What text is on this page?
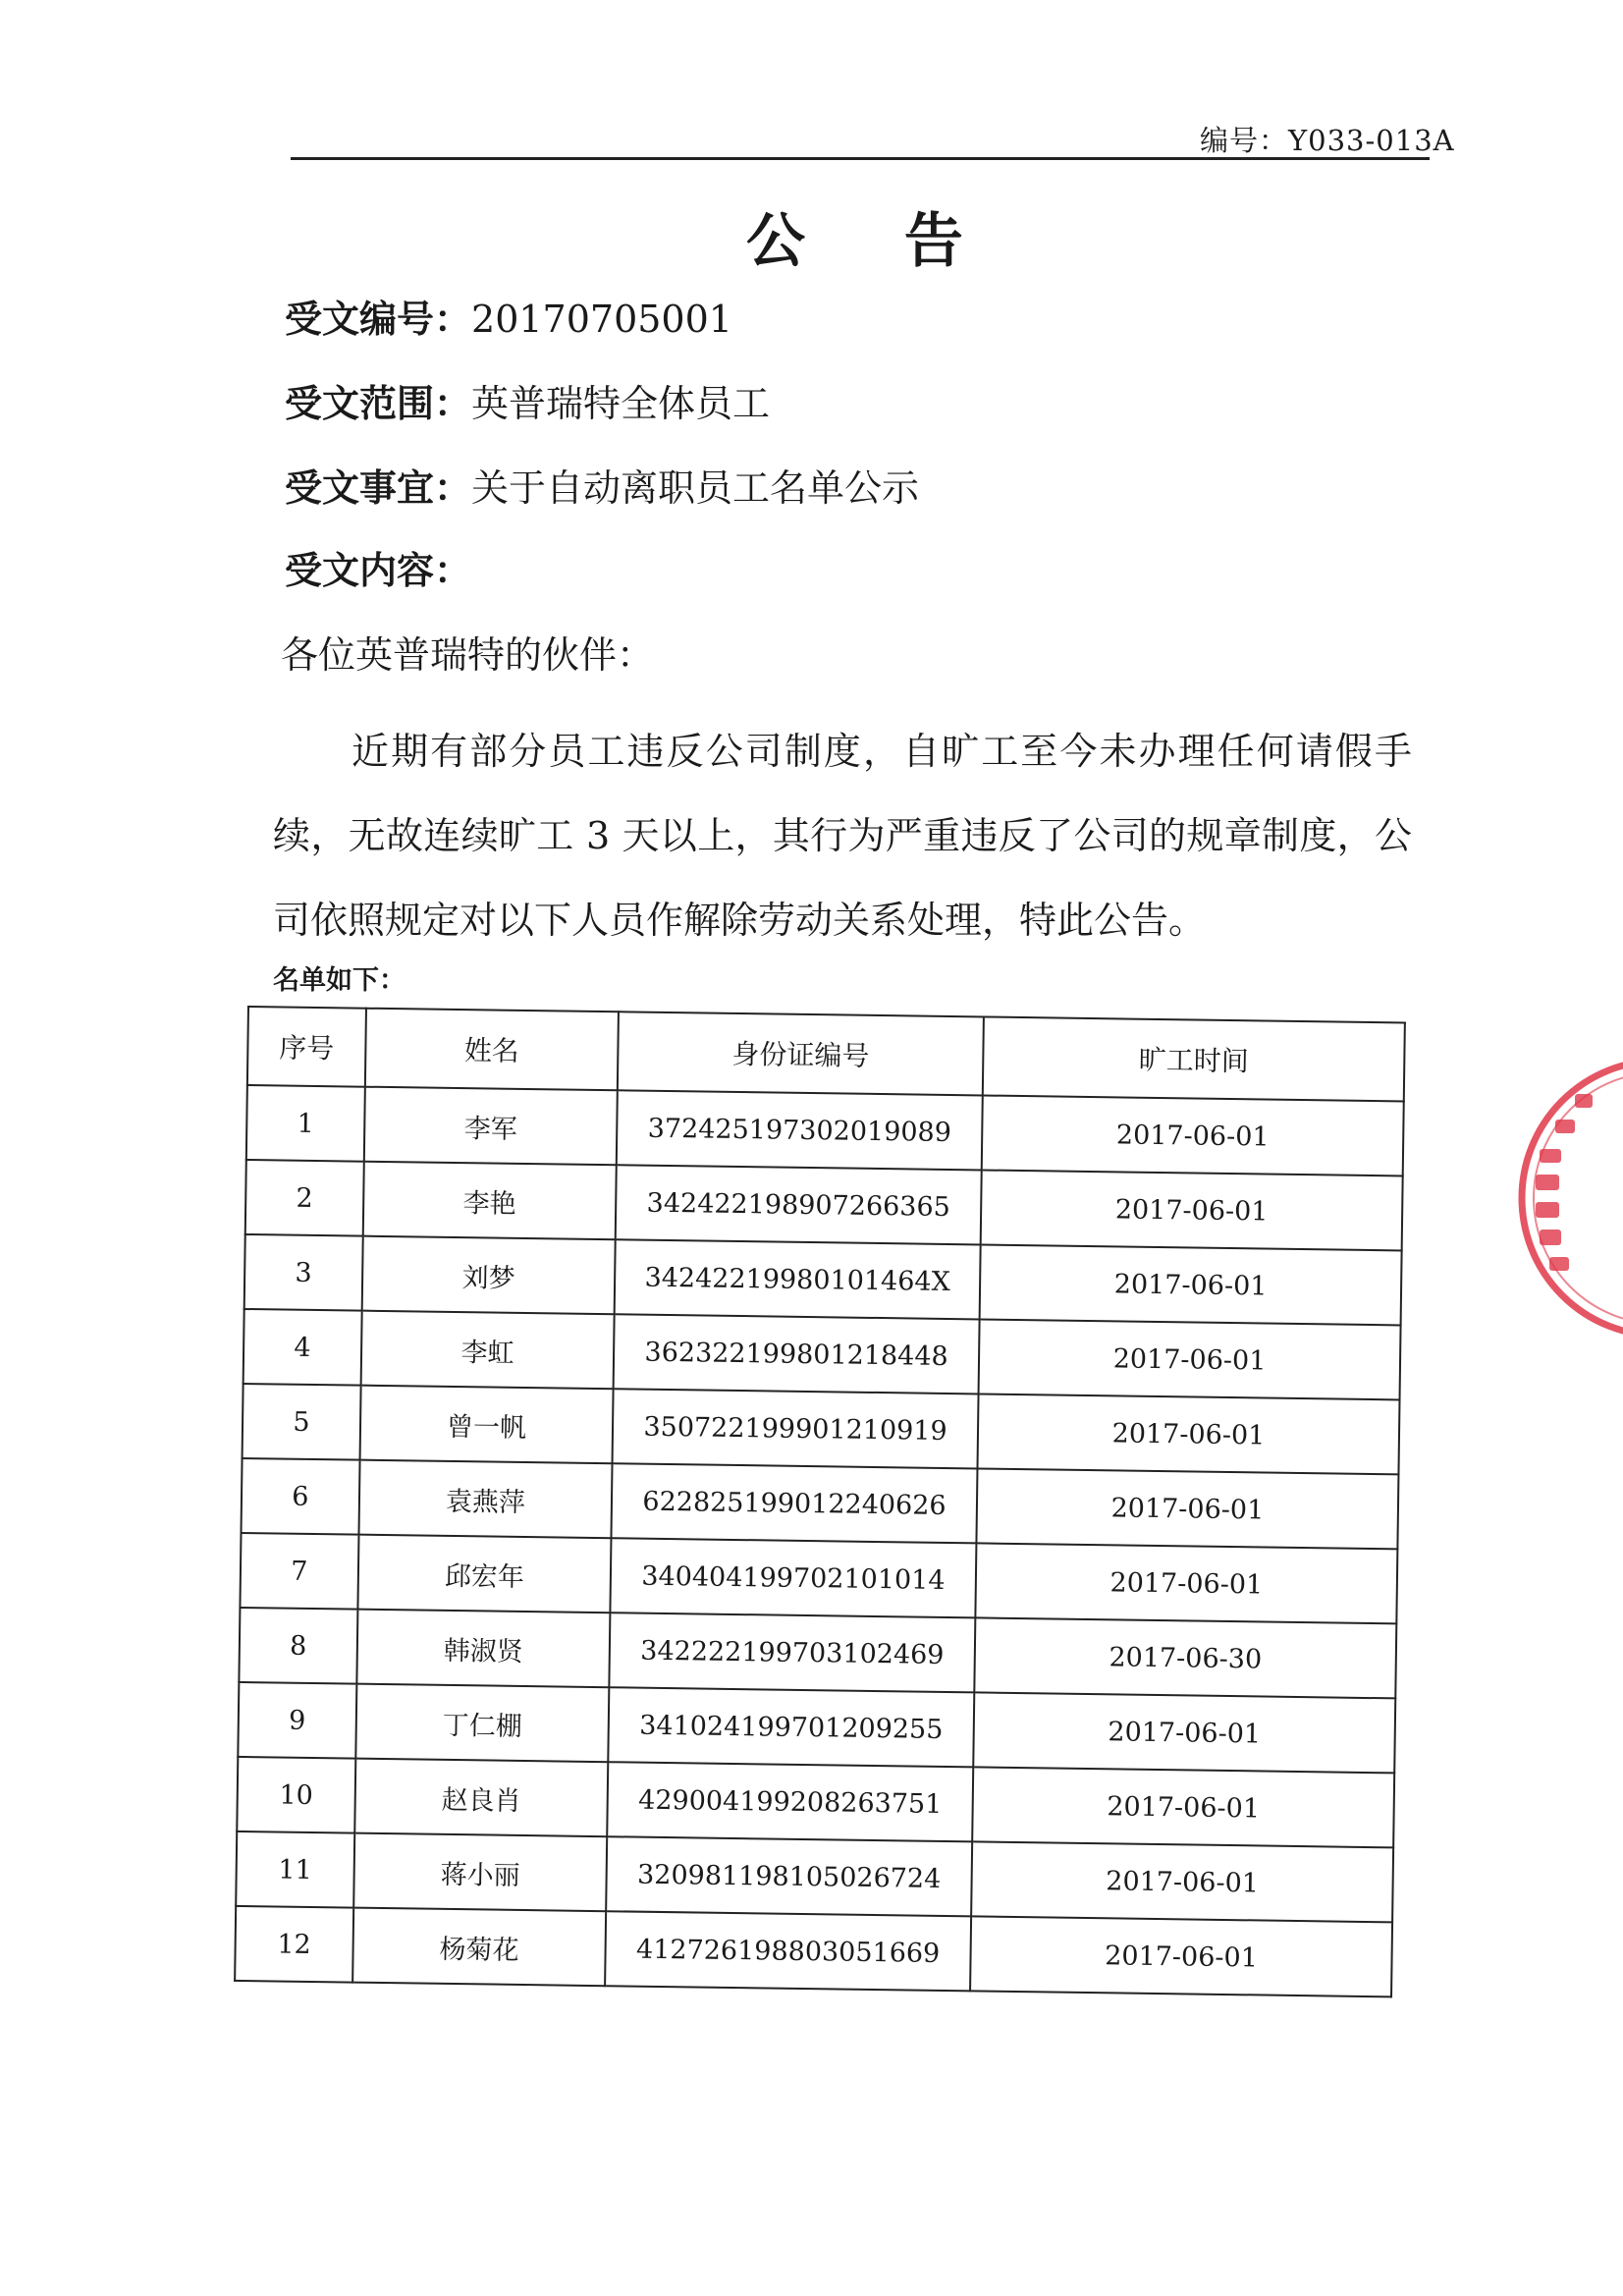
编号：Y033-013A
公 告
受文编号：20170705001
受文范围：英普瑞特全体员工
受文事宜：关于自动离职员工名单公示
受文内容：
各位英普瑞特的伙伴：
近期有部分员工违反公司制度，自旷工至今未办理任何请假手续，无故连续旷工 3 天以上，其行为严重违反了公司的规章制度，公司依照规定对以下人员作解除劳动关系处理，特此公告。
名单如下：
序号	姓名	身份证编号	旷工时间
1	李军	372425197302019089	2017-06-01
2	李艳	342422198907266365	2017-06-01
3	刘梦	34242219980101464X	2017-06-01
4	李虹	362322199801218448	2017-06-01
5	曾一帆	350722199901210919	2017-06-01
6	袁燕萍	622825199012240626	2017-06-01
7	邱宏年	340404199702101014	2017-06-01
8	韩淑贤	342222199703102469	2017-06-30
9	丁仁棚	341024199701209255	2017-06-01
10	赵良肖	429004199208263751	2017-06-01
11	蒋小丽	320981198105026724	2017-06-01
12	杨菊花	412726198803051669	2017-06-01
